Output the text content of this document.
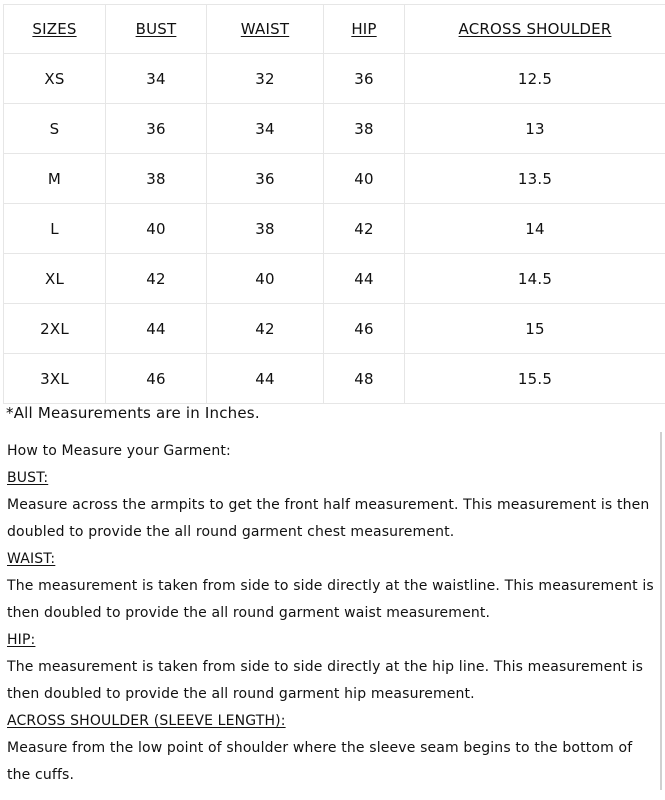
SIZES	BUST	WAIST	HIP	ACROSS SHOULDER
XS	34	32	36	12.5
S	36	34	38	13
M	38	36	40	13.5
L	40	38	42	14
XL	42	40	44	14.5
2XL	44	42	46	15
3XL	46	44	48	15.5
*All Measurements are in Inches.

How to Measure your Garment:

BUST:

Measure across the armpits to get the front half measurement. This measurement is then doubled to provide the all round garment chest measurement.

WAIST:

The measurement is taken from side to side directly at the waistline. This measurement is then doubled to provide the all round garment waist measurement.

HIP:

The measurement is taken from side to side directly at the hip line. This measurement is then doubled to provide the all round garment hip measurement.

ACROSS SHOULDER (SLEEVE LENGTH):

Measure from the low point of shoulder where the sleeve seam begins to the bottom of the cuffs.
